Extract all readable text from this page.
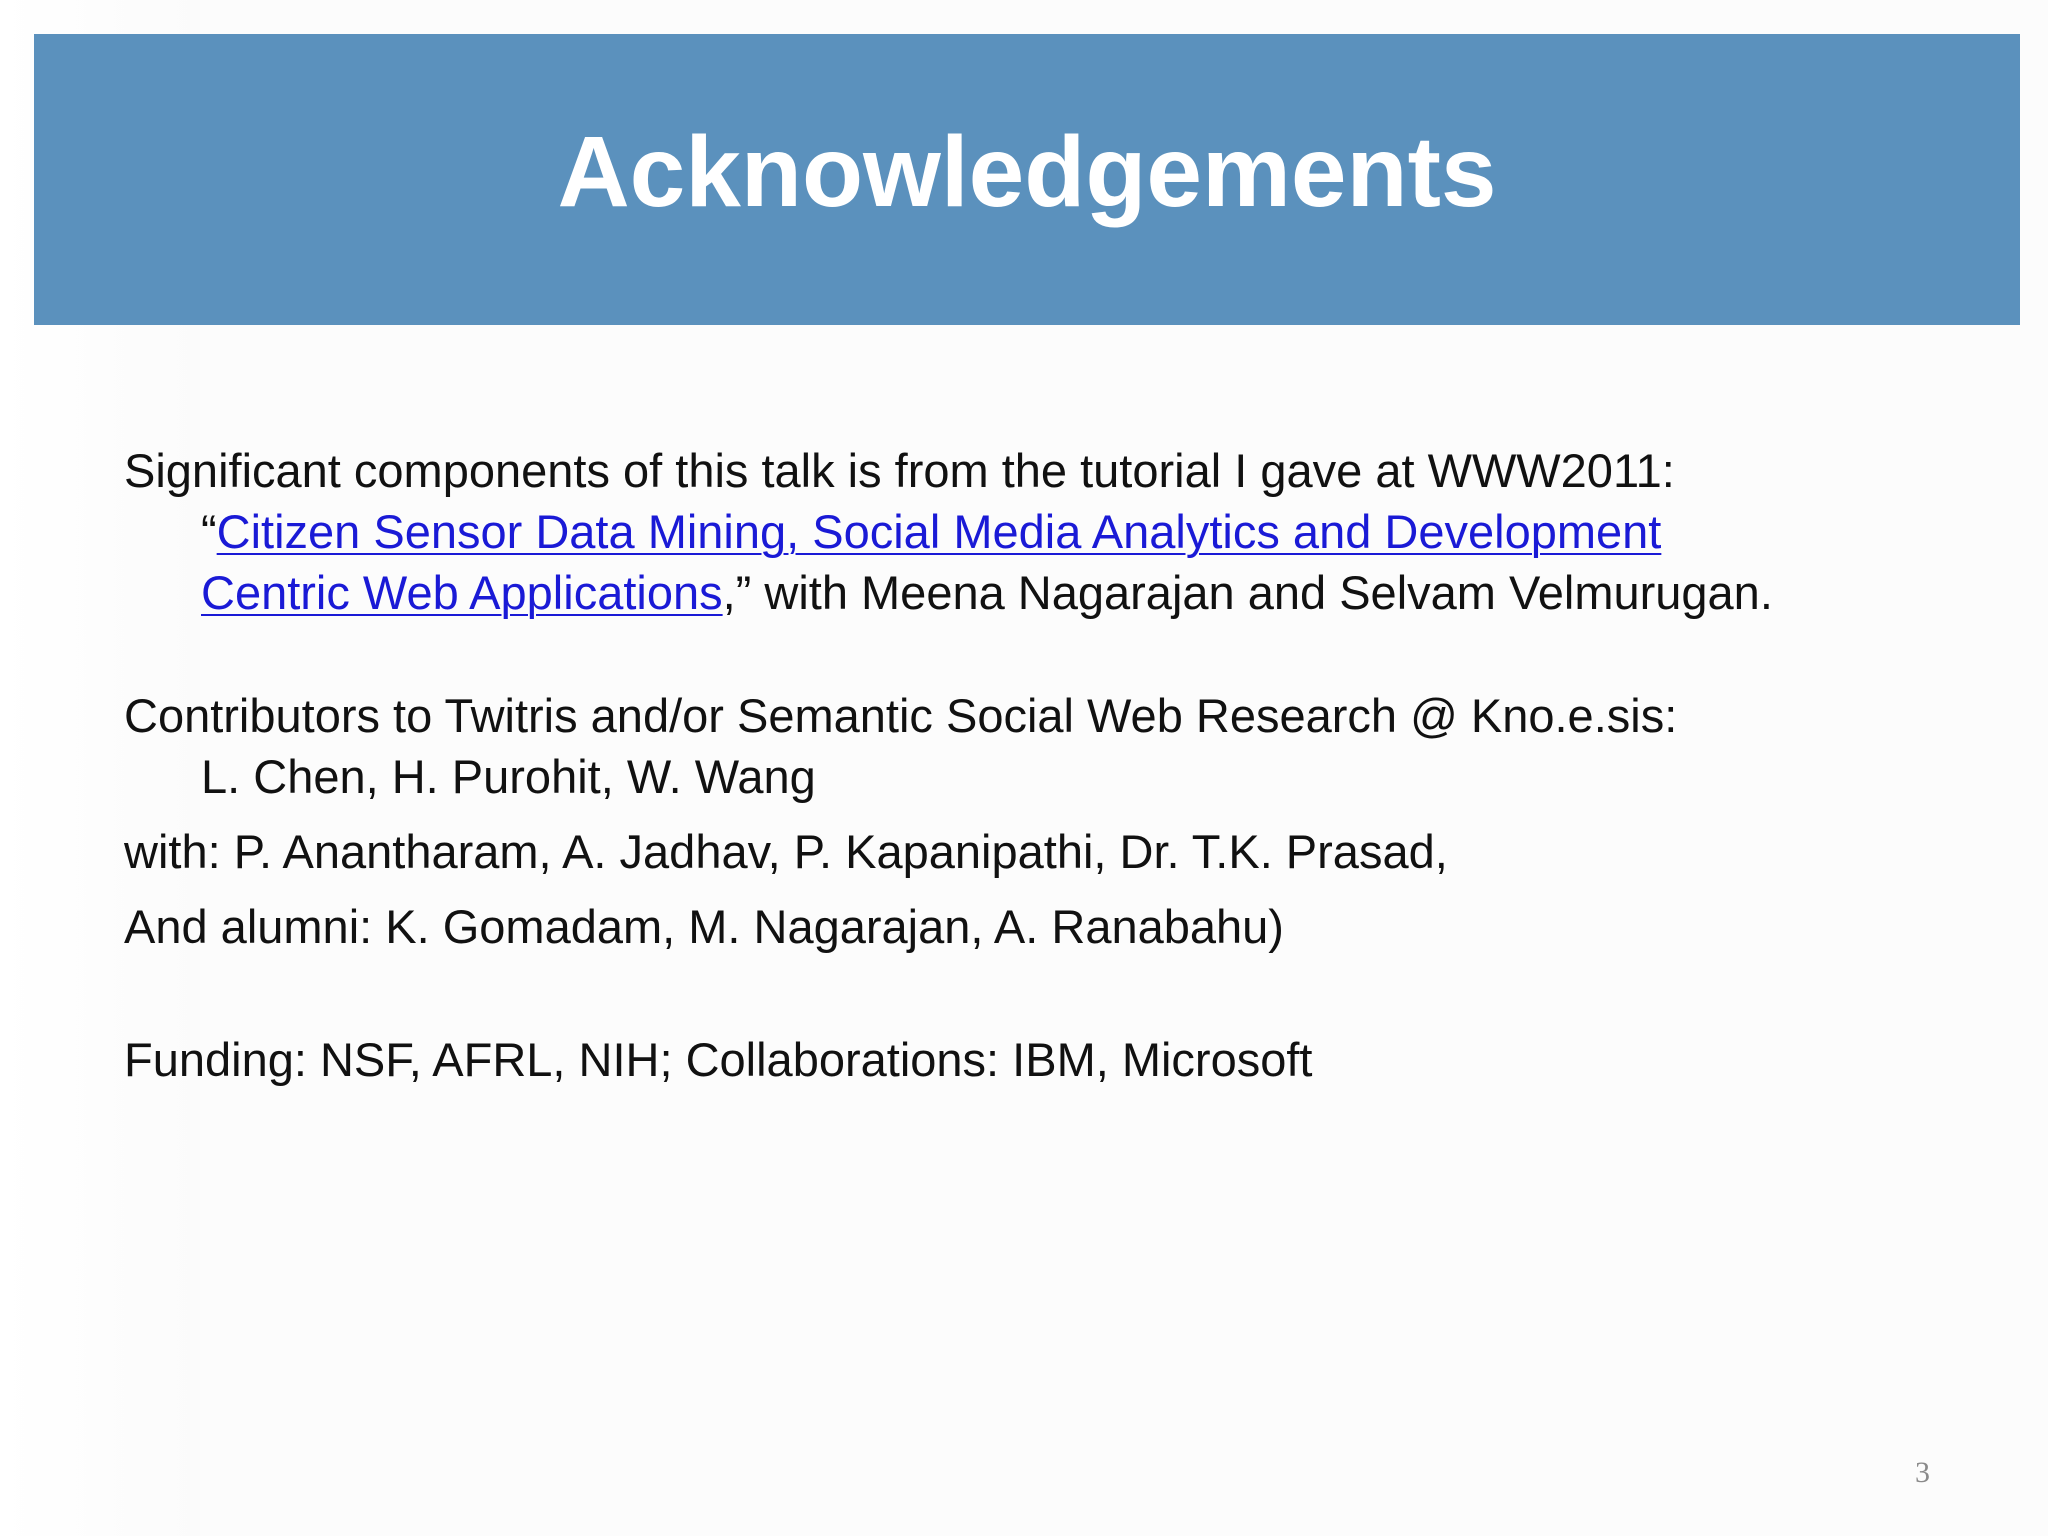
Acknowledgements

Significant components of this talk is from the tutorial I gave at WWW2011:

“Citizen Sensor Data Mining, Social Media Analytics and Development

Centric Web Applications,” with Meena Nagarajan and Selvam Velmurugan.

Contributors to Twitris and/or Semantic Social Web Research @ Kno.e.sis:

L. Chen, H. Purohit, W. Wang

with: P. Anantharam, A. Jadhav, P. Kapanipathi, Dr. T.K. Prasad,

And alumni: K. Gomadam, M. Nagarajan, A. Ranabahu)

Funding: NSF, AFRL, NIH; Collaborations: IBM, Microsoft

3
